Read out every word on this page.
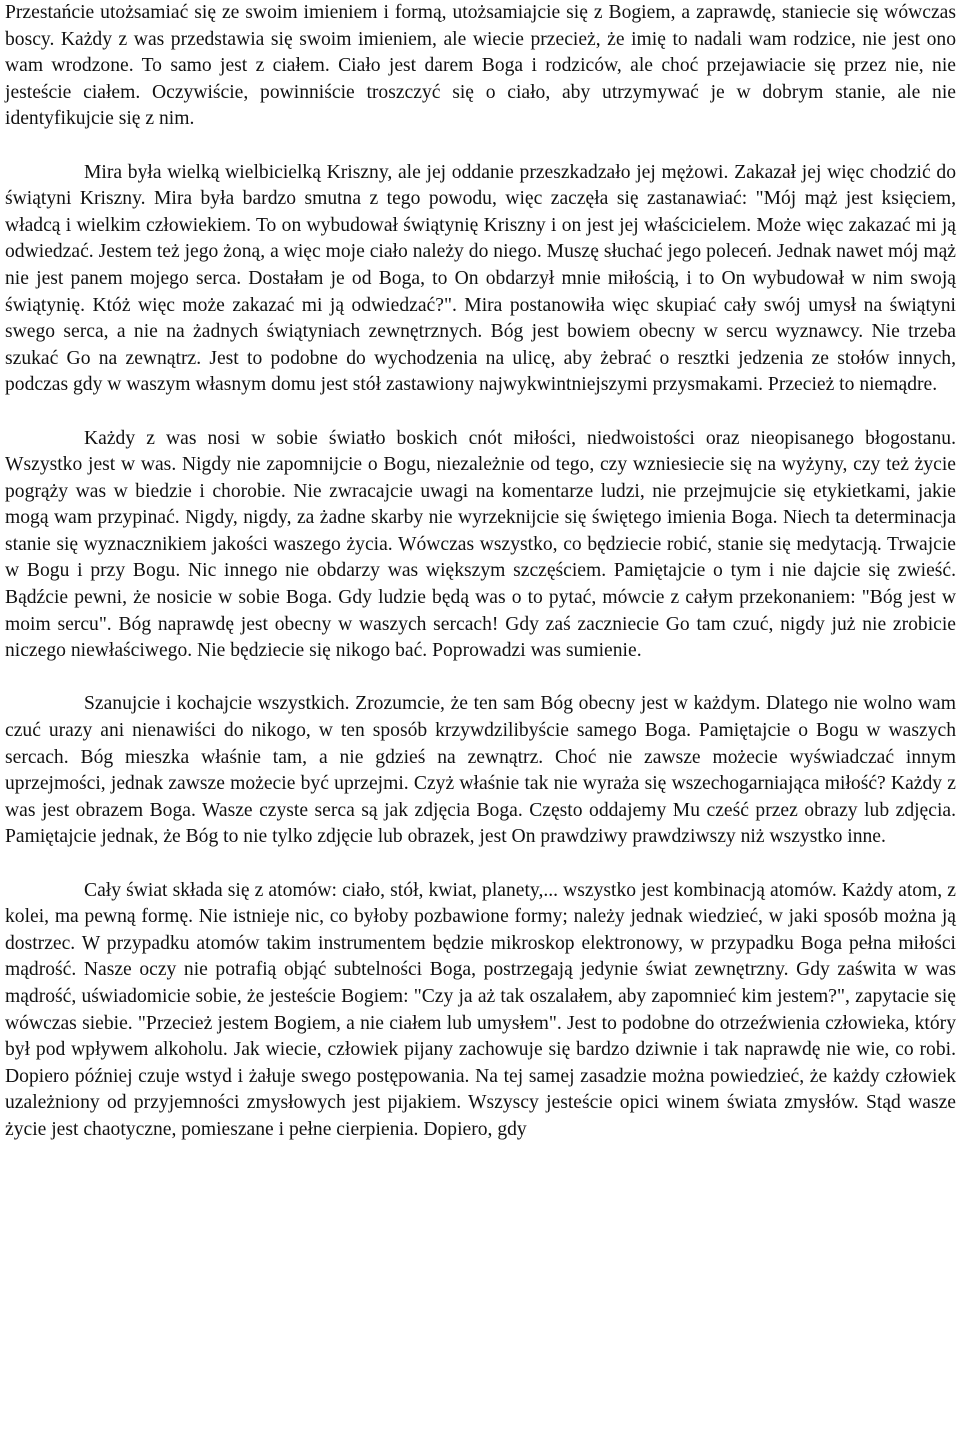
Przestańcie utożsamiać się ze swoim imieniem i formą, utożsamiajcie się z Bogiem, a zaprawdę, staniecie się wówczas boscy. Każdy z was przedstawia się swoim imieniem, ale wiecie przecież, że imię to nadali wam rodzice, nie jest ono wam wrodzone. To samo jest z ciałem. Ciało jest darem Boga i rodziców, ale choć przejawiacie się przez nie, nie jesteście ciałem. Oczywiście, powinniście troszczyć się o ciało, aby utrzymywać je w dobrym stanie, ale nie identyfikujcie się z nim.

Mira była wielką wielbicielką Kriszny, ale jej oddanie przeszkadzało jej mężowi. Zakazał jej więc chodzić do świątyni Kriszny. Mira była bardzo smutna z tego powodu, więc zaczęła się zastanawiać: "Mój mąż jest księciem, władcą i wielkim człowiekiem. To on wybudował świątynię Kriszny i on jest jej właścicielem. Może więc zakazać mi ją odwiedzać. Jestem też jego żoną, a więc moje ciało należy do niego. Muszę słuchać jego poleceń. Jednak nawet mój mąż nie jest panem mojego serca. Dostałam je od Boga, to On obdarzył mnie miłością, i to On wybudował w nim swoją świątynię. Któż więc może zakazać mi ją odwiedzać?". Mira postanowiła więc skupiać cały swój umysł na świątyni swego serca, a nie na żadnych świątyniach zewnętrznych. Bóg jest bowiem obecny w sercu wyznawcy. Nie trzeba szukać Go na zewnątrz. Jest to podobne do wychodzenia na ulicę, aby żebrać o resztki jedzenia ze stołów innych, podczas gdy w waszym własnym domu jest stół zastawiony najwykwintniejszymi przysmakami. Przecież to niemądre.

Każdy z was nosi w sobie światło boskich cnót miłości, niedwoistości oraz nieopisanego błogostanu. Wszystko jest w was. Nigdy nie zapomnijcie o Bogu, niezależnie od tego, czy wzniesiecie się na wyżyny, czy też życie pogrąży was w biedzie i chorobie. Nie zwracajcie uwagi na komentarze ludzi, nie przejmujcie się etykietkami, jakie mogą wam przypinać. Nigdy, nigdy, za żadne skarby nie wyrzeknijcie się świętego imienia Boga. Niech ta determinacja stanie się wyznacznikiem jakości waszego życia. Wówczas wszystko, co będziecie robić, stanie się medytacją. Trwajcie w Bogu i przy Bogu. Nic innego nie obdarzy was większym szczęściem. Pamiętajcie o tym i nie dajcie się zwieść. Bądźcie pewni, że nosicie w sobie Boga. Gdy ludzie będą was o to pytać, mówcie z całym przekonaniem: "Bóg jest w moim sercu". Bóg naprawdę jest obecny w waszych sercach! Gdy zaś zaczniecie Go tam czuć, nigdy już nie zrobicie niczego niewłaściwego. Nie będziecie się nikogo bać. Poprowadzi was sumienie.

Szanujcie i kochajcie wszystkich. Zrozumcie, że ten sam Bóg obecny jest w każdym. Dlatego nie wolno wam czuć urazy ani nienawiści do nikogo, w ten sposób krzywdzilibyście samego Boga. Pamiętajcie o Bogu w waszych sercach. Bóg mieszka właśnie tam, a nie gdzieś na zewnątrz. Choć nie zawsze możecie wyświadczać innym uprzejmości, jednak zawsze możecie być uprzejmi. Czyż właśnie tak nie wyraża się wszechogarniająca miłość? Każdy z was jest obrazem Boga. Wasze czyste serca są jak zdjęcia Boga. Często oddajemy Mu cześć przez obrazy lub zdjęcia. Pamiętajcie jednak, że Bóg to nie tylko zdjęcie lub obrazek, jest On prawdziwy prawdziwszy niż wszystko inne.

Cały świat składa się z atomów: ciało, stół, kwiat, planety,... wszystko jest kombinacją atomów. Każdy atom, z kolei, ma pewną formę. Nie istnieje nic, co byłoby pozbawione formy; należy jednak wiedzieć, w jaki sposób można ją dostrzec. W przypadku atomów takim instrumentem będzie mikroskop elektronowy, w przypadku Boga pełna miłości mądrość. Nasze oczy nie potrafią objąć subtelności Boga, postrzegają jedynie świat zewnętrzny. Gdy zaświta w was mądrość, uświadomicie sobie, że jesteście Bogiem: "Czy ja aż tak oszalałem, aby zapomnieć kim jestem?", zapytacie się wówczas siebie. "Przecież jestem Bogiem, a nie ciałem lub umysłem". Jest to podobne do otrzeźwienia człowieka, który był pod wpływem alkoholu. Jak wiecie, człowiek pijany zachowuje się bardzo dziwnie i tak naprawdę nie wie, co robi. Dopiero później czuje wstyd i żałuje swego postępowania. Na tej samej zasadzie można powiedzieć, że każdy człowiek uzależniony od przyjemności zmysłowych jest pijakiem. Wszyscy jesteście opici winem świata zmysłów. Stąd wasze życie jest chaotyczne, pomieszane i pełne cierpienia. Dopiero, gdy
